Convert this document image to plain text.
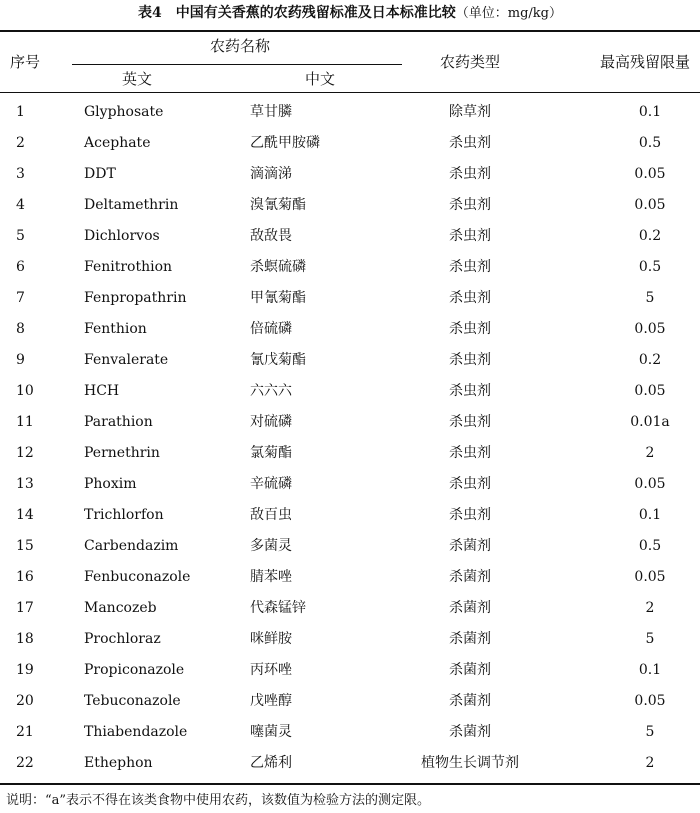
表4　中国有关香蕉的农药残留标准及日本标准比较（单位：mg/kg）
序号
农药名称
英文	中文
农药类型	最高残留限量
1	Glyphosate	草甘膦	除草剂	0.1
2	Acephate	乙酰甲胺磷	杀虫剂	0.5
3	DDT	滴滴涕	杀虫剂	0.05
4	Deltamethrin	溴氰菊酯	杀虫剂	0.05
5	Dichlorvos	敌敌畏	杀虫剂	0.2
6	Fenitrothion	杀螟硫磷	杀虫剂	0.5
7	Fenpropathrin	甲氰菊酯	杀虫剂	5
8	Fenthion	倍硫磷	杀虫剂	0.05
9	Fenvalerate	氰戊菊酯	杀虫剂	0.2
10	HCH	六六六	杀虫剂	0.05
11	Parathion	对硫磷	杀虫剂	0.01a
12	Pernethrin	氯菊酯	杀虫剂	2
13	Phoxim	辛硫磷	杀虫剂	0.05
14	Trichlorfon	敌百虫	杀虫剂	0.1
15	Carbendazim	多菌灵	杀菌剂	0.5
16	Fenbuconazole	腈苯唑	杀菌剂	0.05
17	Mancozeb	代森锰锌	杀菌剂	2
18	Prochloraz	咪鲜胺	杀菌剂	5
19	Propiconazole	丙环唑	杀菌剂	0.1
20	Tebuconazole	戊唑醇	杀菌剂	0.05
21	Thiabendazole	噻菌灵	杀菌剂	5
22	Ethephon	乙烯利	植物生长调节剂	2
说明：“a”表示不得在该类食物中使用农药，该数值为检验方法的测定限。
